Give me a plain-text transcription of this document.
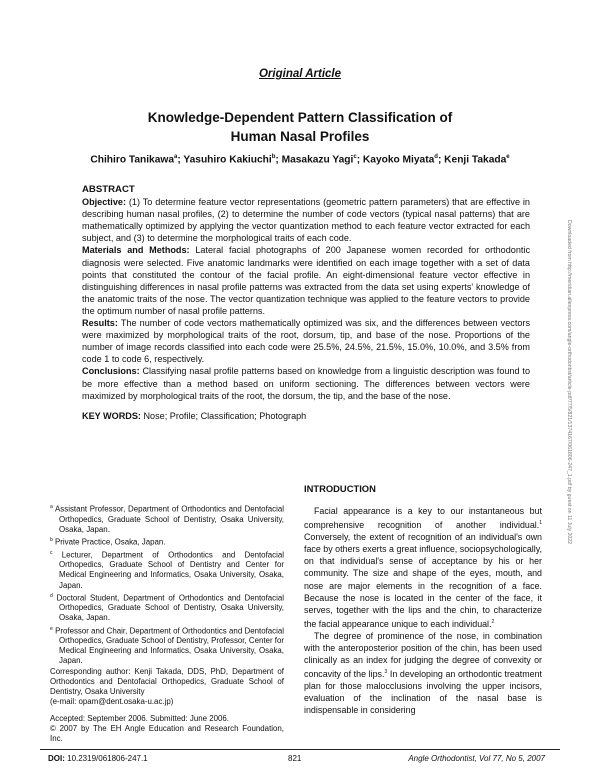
Original Article
Knowledge-Dependent Pattern Classification of
Human Nasal Profiles
Chihiro Tanikawa$^a$; Yasuhiro Kakiuchi$^b$; Masakazu Yagi$^c$; Kayoko Miyata$^d$; Kenji Takada$^e$
ABSTRACT

Objective: (1) To determine feature vector representations (geometric pattern parameters) that are effective in describing human nasal profiles, (2) to determine the number of code vectors (typical nasal patterns) that are mathematically optimized by applying the vector quantization method to each feature vector extracted for each subject, and (3) to determine the morphological traits of each code.

Materials and Methods: Lateral facial photographs of 200 Japanese women recorded for orthodontic diagnosis were selected. Five anatomic landmarks were identified on each image together with a set of data points that constituted the contour of the facial profile. An eight-dimensional feature vector effective in distinguishing differences in nasal profile patterns was extracted from the data set using experts' knowledge of the anatomic traits of the nose. The vector quantization technique was applied to the feature vectors to provide the optimum number of nasal profile patterns.

Results: The number of code vectors mathematically optimized was six, and the differences between vectors were maximized by morphological traits of the root, dorsum, tip, and base of the nose. Proportions of the number of image records classified into each code were 25.5%, 24.5%, 21.5%, 15.0%, 10.0%, and 3.5% from code 1 to code 6, respectively.

Conclusions: Classifying nasal profile patterns based on knowledge from a linguistic description was found to be more effective than a method based on uniform sectioning. The differences between vectors were maximized by morphological traits of the root, the dorsum, the tip, and the base of the nose.

KEY WORDS: Nose; Profile; Classification; Photograph

$^a$ Assistant Professor, Department of Orthodontics and Dentofacial Orthopedics, Graduate School of Dentistry, Osaka University, Osaka, Japan.

$^b$ Private Practice, Osaka, Japan.

$^c$ Lecturer, Department of Orthodontics and Dentofacial Orthopedics, Graduate School of Dentistry and Center for Medical Engineering and Informatics, Osaka University, Osaka, Japan.

$^d$ Doctoral Student, Department of Orthodontics and Dentofacial Orthopedics, Graduate School of Dentistry, Osaka University, Osaka, Japan.

$^e$ Professor and Chair, Department of Orthodontics and Dentofacial Orthopedics, Graduate School of Dentistry, Professor, Center for Medical Engineering and Informatics, Osaka University, Osaka, Japan.

Corresponding author: Kenji Takada, DDS, PhD, Department of Orthodontics and Dentofacial Orthopedics, Graduate School of Dentistry, Osaka University
(e-mail: opam@dent.osaka-u.ac.jp)

Accepted: September 2006. Submitted: June 2006.
© 2007 by The EH Angle Education and Research Foundation, Inc.

INTRODUCTION

Facial appearance is a key to our instantaneous but comprehensive recognition of another individual.$^1$ Conversely, the extent of recognition of an individual's own face by others exerts a great influence, sociopsychologically, on that individual's sense of acceptance by his or her community. The size and shape of the eyes, mouth, and nose are major elements in the recognition of a face. Because the nose is located in the center of the face, it serves, together with the lips and the chin, to characterize the facial appearance unique to each individual.$^2$

The degree of prominence of the nose, in combination with the anteroposterior position of the chin, has been used clinically as an index for judging the degree of convexity or concavity of the lips.$^3$ In developing an orthodontic treatment plan for those malocclusions involving the upper incisors, evaluation of the inclination of the nasal base is indispensable in considering

DOI: 10.2319/061806-247.1	821	Angle Orthodontist, Vol 77, No 5, 2007
Downloaded from http://meridian.allenpress.com/angle-orthodontist/article-pdf/77/5/821/1374167/061806-247_1.pdf by guest on 11 July 2022
